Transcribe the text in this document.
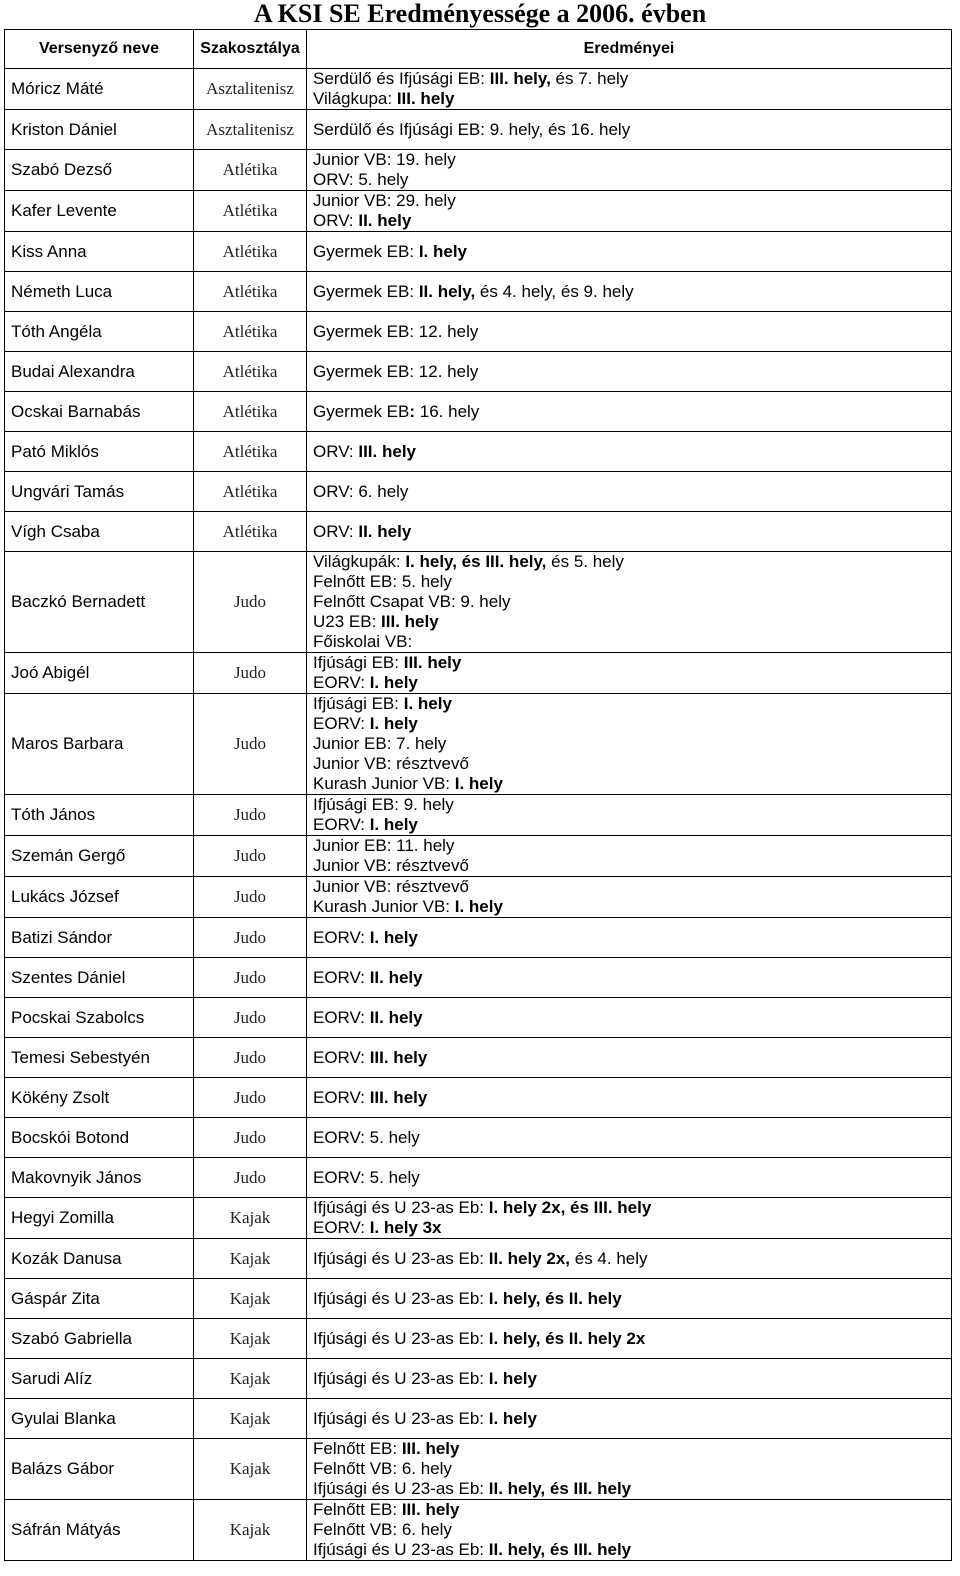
A KSI SE Eredményessége a 2006. évben
Versenyző neve	Szakosztálya	Eredményei
Móricz Máté	Asztalitenisz	Serdülő és Ifjúsági EB: III. hely, és 7. hely
Világkupa: III. hely

Kriston Dániel	Asztalitenisz	Serdülő és Ifjúsági EB: 9. hely, és 16. hely

Szabó Dezső	Atlétika	Junior VB: 19. hely
ORV: 5. hely

Kafer Levente	Atlétika	Junior VB: 29. hely
ORV: II. hely

Kiss Anna	Atlétika	Gyermek EB: I. hely

Németh Luca	Atlétika	Gyermek EB: II. hely, és 4. hely, és 9. hely

Tóth Angéla	Atlétika	Gyermek EB: 12. hely

Budai Alexandra	Atlétika	Gyermek EB: 12. hely

Ocskai Barnabás	Atlétika	Gyermek EB: 16. hely

Pató Miklós	Atlétika	ORV: III. hely

Ungvári Tamás	Atlétika	ORV: 6. hely

Vígh Csaba	Atlétika	ORV: II. hely

Baczkó Bernadett	Judo	Világkupák: I. hely, és III. hely, és 5. hely
Felnőtt EB: 5. hely
Felnőtt Csapat VB: 9. hely
U23 EB: III. hely
Főiskolai VB:

Joó Abigél	Judo	Ifjúsági EB: III. hely
EORV: I. hely

Maros Barbara	Judo	Ifjúsági EB: I. hely
EORV: I. hely
Junior EB: 7. hely
Junior VB: résztvevő
Kurash Junior VB: I. hely

Tóth János	Judo	Ifjúsági EB: 9. hely
EORV: I. hely

Szemán Gergő	Judo	Junior EB: 11. hely
Junior VB: résztvevő

Lukács József	Judo	Junior VB: résztvevő
Kurash Junior VB: I. hely

Batizi Sándor	Judo	EORV: I. hely

Szentes Dániel	Judo	EORV: II. hely

Pocskai Szabolcs	Judo	EORV: II. hely

Temesi Sebestyén	Judo	EORV: III. hely

Kökény Zsolt	Judo	EORV: III. hely

Bocskói Botond	Judo	EORV: 5. hely

Makovnyik János	Judo	EORV: 5. hely

Hegyi Zomilla	Kajak	Ifjúsági és U 23-as Eb: I. hely 2x, és III. hely
EORV: I. hely 3x

Kozák Danusa	Kajak	Ifjúsági és U 23-as Eb: II. hely 2x, és 4. hely

Gáspár Zita	Kajak	Ifjúsági és U 23-as Eb: I. hely, és II. hely

Szabó Gabriella	Kajak	Ifjúsági és U 23-as Eb: I. hely, és II. hely 2x

Sarudi Alíz	Kajak	Ifjúsági és U 23-as Eb: I. hely

Gyulai Blanka	Kajak	Ifjúsági és U 23-as Eb: I. hely

Balázs Gábor	Kajak	Felnőtt EB: III. hely
Felnőtt VB: 6. hely
Ifjúsági és U 23-as Eb: II. hely, és III. hely

Sáfrán Mátyás	Kajak	Felnőtt EB: III. hely
Felnőtt VB: 6. hely
Ifjúsági és U 23-as Eb: II. hely, és III. hely
